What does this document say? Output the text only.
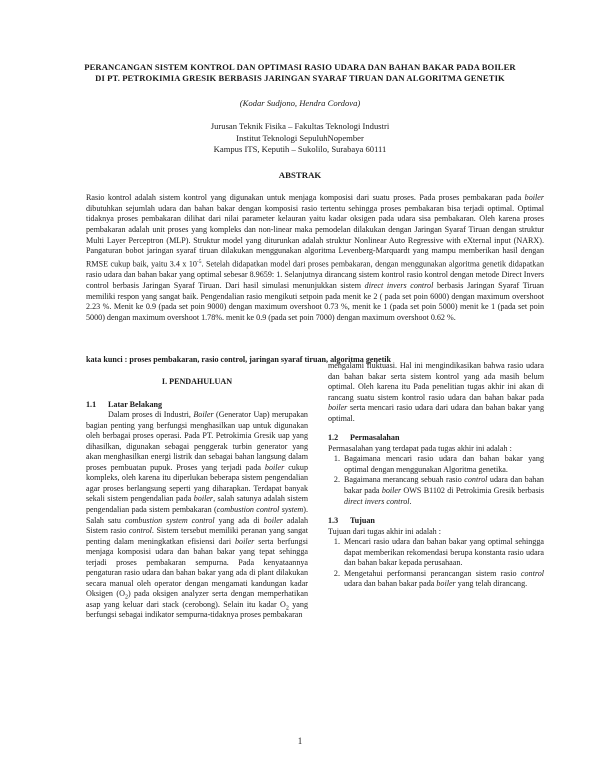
PERANCANGAN SISTEM KONTROL DAN OPTIMASI RASIO UDARA DAN BAHAN BAKAR PADA BOILER
DI PT. PETROKIMIA GRESIK BERBASIS JARINGAN SYARAF TIRUAN DAN ALGORITMA GENETIK
(Kodar Sudjono, Hendra Cordova)
Jurusan Teknik Fisika – Fakultas Teknologi Industri
Institut Teknologi SepuluhNopember
Kampus ITS, Keputih – Sukolilo, Surabaya 60111
ABSTRAK

Rasio kontrol adalah sistem kontrol yang digunakan untuk menjaga komposisi dari suatu proses. Pada proses pembakaran pada boiler dibutuhkan sejumlah udara dan bahan bakar dengan komposisi rasio tertentu sehingga proses pembakaran bisa terjadi optimal. Optimal tidaknya proses pembakaran dilihat dari nilai parameter kelauran yaitu kadar oksigen pada udara sisa pembakaran. Oleh karena proses pembakaran adalah unit proses yang kompleks dan non-linear maka pemodelan dilakukan dengan Jaringan Syaraf Tiruan dengan struktur Multi Layer Perceptron (MLP). Struktur model yang diturunkan adalah struktur Nonlinear Auto Regressive with eXternal input (NARX). Pangaturan bobot jaringan syaraf tiruan dilakukan menggunakan algoritma Levenberg-Marquardt yang mampu memberikan hasil dengan RMSE cukup baik, yaitu 3.4 x $10^{-5}$. Setelah didapatkan model dari proses pembakaran, dengan menggunakan algoritma genetik didapatkan rasio udara dan bahan bakar yang optimal sebesar 8.9659: 1. Selanjutnya dirancang sistem kontrol rasio kontrol dengan metode Direct Invers control berbasis Jaringan Syaraf Tiruan. Dari hasil simulasi menunjukkan sistem direct invers control berbasis Jaringan Syaraf Tiruan memiliki respon yang sangat baik. Pengendalian rasio mengikuti setpoin pada menit ke 2 ( pada set poin 6000) dengan maximum overshoot 2.23 %. Menit ke 0.9 (pada set poin 9000) dengan maximum overshoot 0.73 %, menit ke 1 (pada set poin 5000) menit ke 1 (pada set poin 5000) dengan maximum overshoot 1.78%. menit ke 0.9 (pada set poin 7000) dengan maximum overshoot 0.62 %.

kata kunci : proses pembakaran, rasio control, jaringan syaraf tiruan, algoritma genetik

I. PENDAHULUAN
1.1 Latar Belakang

Dalam proses di Industri, Boiler (Generator Uap) merupakan bagian penting yang berfungsi menghasilkan uap untuk digunakan oleh berbagai proses operasi. Pada PT. Petrokimia Gresik uap yang dihasilkan, digunakan sebagai penggerak turbin generator yang akan menghasilkan energi listrik dan sebagai bahan langsung dalam proses pembuatan pupuk. Proses yang terjadi pada boiler cukup kompleks, oleh karena itu diperlukan beberapa sistem pengendalian agar proses berlangsung seperti yang diharapkan. Terdapat banyak sekali sistem pengendalian pada boiler, salah satunya adalah sistem pengendalian pada sistem pembakaran (combustion control system). Salah satu combustion system control yang ada di boiler adalah Sistem rasio control. Sistem tersebut memiliki peranan yang sangat penting dalam meningkatkan efisiensi dari boiler serta berfungsi menjaga komposisi udara dan bahan bakar yang tepat sehingga terjadi proses pembakaran sempurna. Pada kenyataannya pengaturan rasio udara dan bahan bakar yang ada di plant dilakukan secara manual oleh operator dengan mengamati kandungan kadar Oksigen $(O_2)$ pada oksigen analyzer serta dengan memperhatikan asap yang keluar dari stack (cerobong). Selain itu kadar $O_2$ yang berfungsi sebagai indikator sempurna-tidaknya proses pembakaran

mengalami fluktuasi. Hal ini mengindikasikan bahwa rasio udara dan bahan bakar serta sistem kontrol yang ada masih belum optimal. Oleh karena itu Pada penelitian tugas akhir ini akan di rancang suatu sistem kontrol rasio udara dan bahan bakar pada boiler serta mencari rasio udara dari udara dan bahan bakar yang optimal.

1.2 Permasalahan

Permasalahan yang terdapat pada tugas akhir ini adalah :

1. Bagaimana mencari rasio udara dan bahan bakar yang optimal dengan menggunakan Algoritma genetika.
2. Bagaimana merancang sebuah rasio control udara dan bahan bakar pada boiler OWS B1102 di Petrokimia Gresik berbasis direct invers control.
1.3 Tujuan

Tujuan dari tugas akhir ini adalah :

1. Mencari rasio udara dan bahan bakar yang optimal sehingga dapat memberikan rekomendasi berupa konstanta rasio udara dan bahan bakar kepada perusahaan.
2. Mengetahui performansi perancangan sistem rasio control udara dan bahan bakar pada boiler yang telah dirancang.
1
